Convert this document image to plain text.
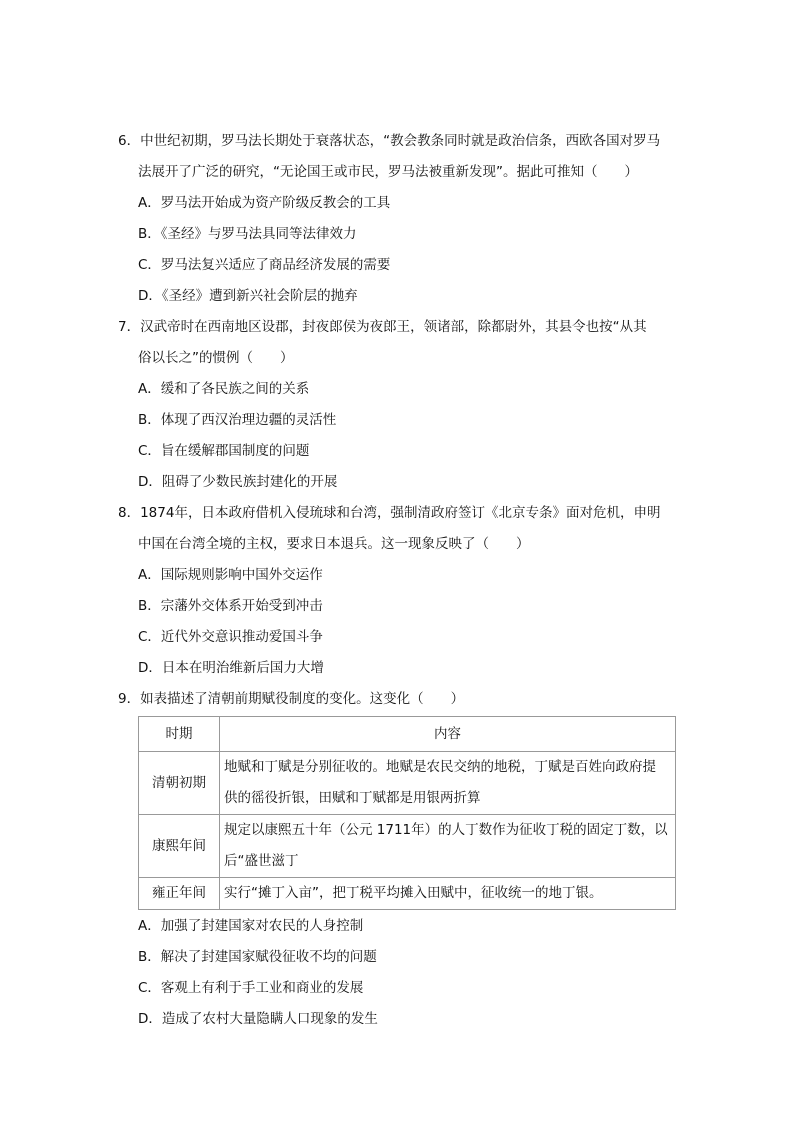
6．中世纪初期，罗马法长期处于衰落状态，“教会教条同时就是政治信条，西欧各国对罗马

法展开了广泛的研究，“无论国王或市民，罗马法被重新发现”。据此可推知（　　）

A．罗马法开始成为资产阶级反教会的工具

B．《圣经》与罗马法具同等法律效力

C．罗马法复兴适应了商品经济发展的需要

D．《圣经》遭到新兴社会阶层的抛弃

7．汉武帝时在西南地区设郡，封夜郎侯为夜郎王，领诸部，除都尉外，其县令也按“从其

俗以长之”的惯例（　　）

A．缓和了各民族之间的关系

B．体现了西汉治理边疆的灵活性

C．旨在缓解郡国制度的问题

D．阻碍了少数民族封建化的开展

8．1874年，日本政府借机入侵琉球和台湾，强制清政府签订《北京专条》面对危机，申明

中国在台湾全境的主权，要求日本退兵。这一现象反映了（　　）

A．国际规则影响中国外交运作

B．宗藩外交体系开始受到冲击

C．近代外交意识推动爱国斗争

D．日本在明治维新后国力大增

9．如表描述了清朝前期赋役制度的变化。这变化（　　）

时期	内容
清朝初期	地赋和丁赋是分别征收的。地赋是农民交纳的地税，丁赋是百姓向政府提
供的徭役折银，田赋和丁赋都是用银两折算

康熙年间	规定以康熙五十年（公元 1711年）的人丁数作为征收丁税的固定丁数，以
后“盛世滋丁

雍正年间	实行“摊丁入亩”，把丁税平均摊入田赋中，征收统一的地丁银。

A．加强了封建国家对农民的人身控制

B．解决了封建国家赋役征收不均的问题

C．客观上有利于手工业和商业的发展

D．造成了农村大量隐瞒人口现象的发生
